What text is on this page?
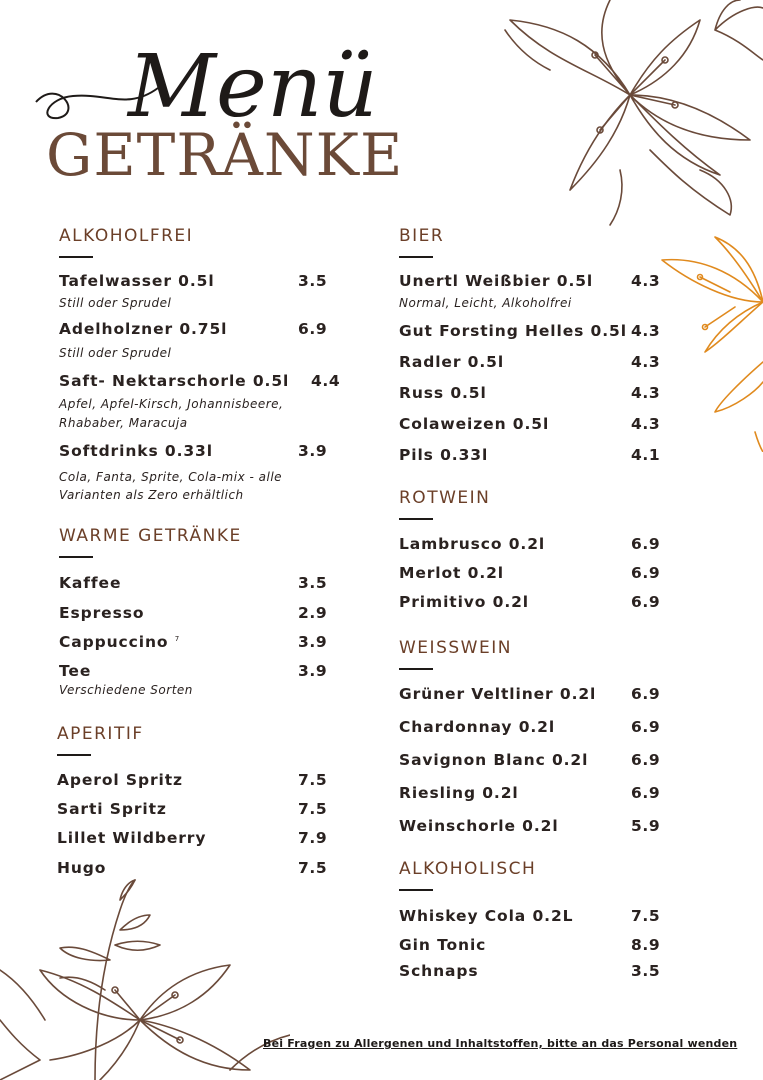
Menü
GETRÄNKE
ALKOHOLFREI
Tafelwasser 0.5l	3.5
Still oder Sprudel
Adelholzner 0.75l	6.9
Still oder Sprudel
Saft- Nektarschorle 0.5l 4.4
Apfel, Apfel-Kirsch, Johannisbeere,
Rhababer, Maracuja
Softdrinks 0.33l	3.9
Cola, Fanta, Sprite, Cola-mix - alle
Varianten als Zero erhältlich
WARME GETRÄNKE
Kaffee	3.5
Espresso	2.9
Cappuccino $^7$	3.9
Tee	3.9
Verschiedene Sorten
APERITIF
Aperol Spritz	7.5
Sarti Spritz	7.5
Lillet Wildberry	7.9
Hugo	7.5
BIER
Unertl Weißbier 0.5l 4.3
Normal, Leicht, Alkoholfrei
Gut Forsting Helles 0.5l 4.3
Radler 0.5l	4.3
Russ 0.5l	4.3
Colaweizen 0.5l	4.3
Pils 0.33l	4.1
ROTWEIN
Lambrusco 0.2l	6.9
Merlot 0.2l	6.9
Primitivo 0.2l	6.9
WEISSWEIN
Grüner Veltliner 0.2l 6.9
Chardonnay 0.2l	6.9
Savignon Blanc 0.2l	6.9
Riesling 0.2l	6.9
Weinschorle 0.2l	5.9
ALKOHOLISCH
Whiskey Cola 0.2L	7.5
Gin Tonic	8.9
Schnaps	3.5
Bei Fragen zu Allergenen und Inhaltstoffen, bitte an das Personal wenden
